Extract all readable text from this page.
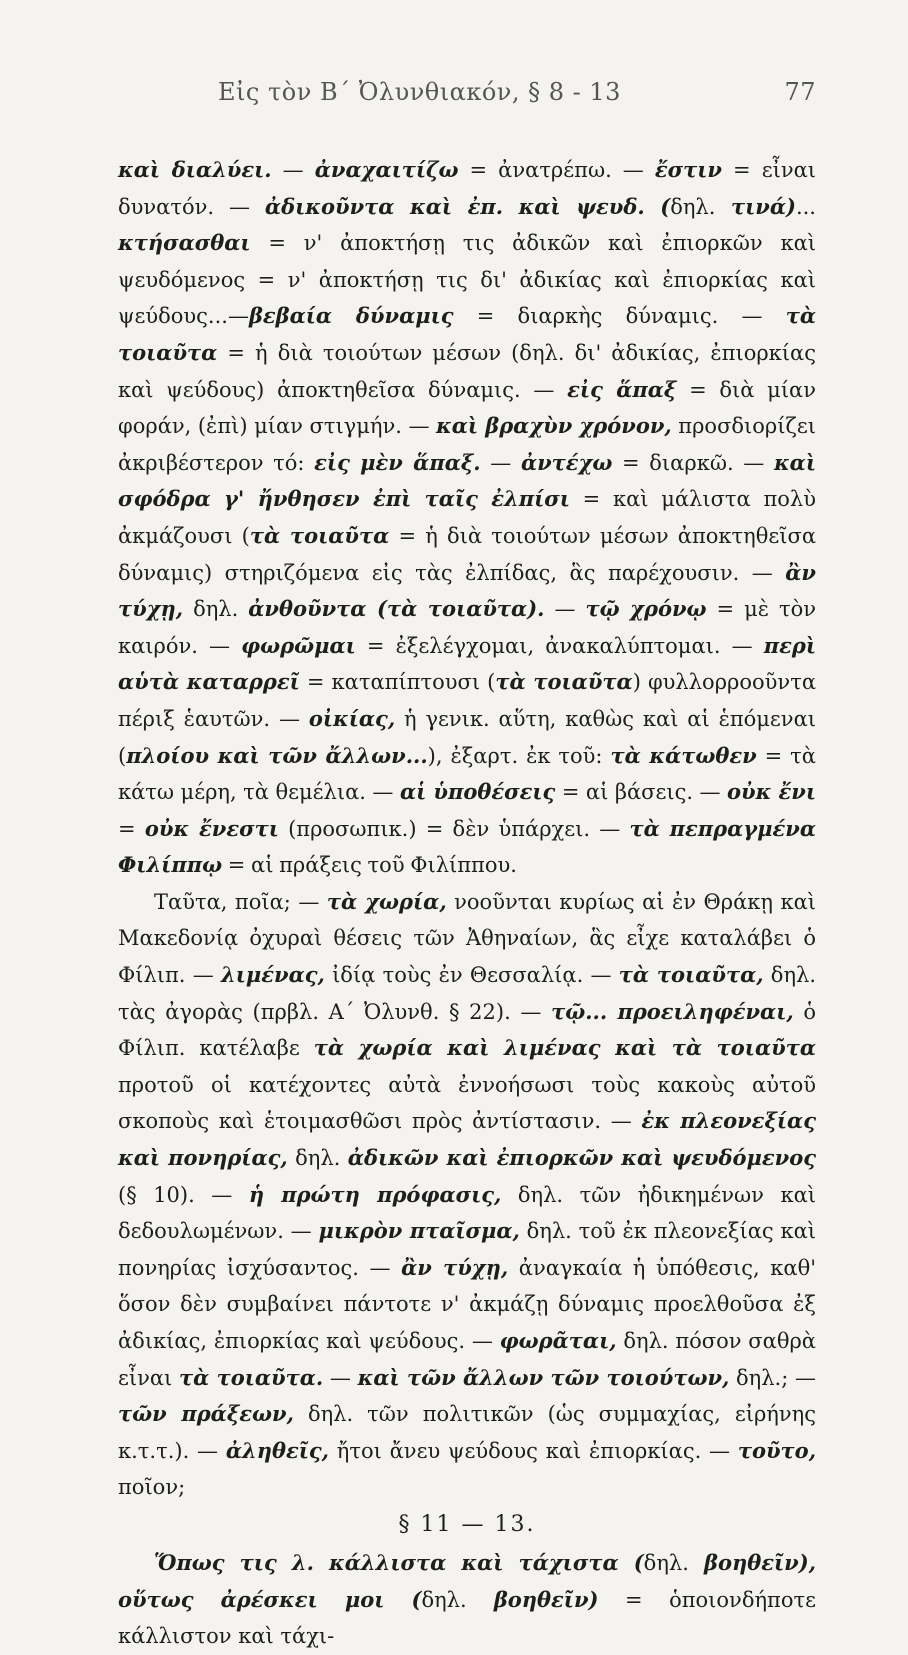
Εἰς τὸν Β΄ Ὀλυνθιακόν, § 8 - 13	77

καὶ διαλύει. — ἀναχαιτίζω = ἀνατρέπω. — ἔστιν = εἶναι δυνατόν. — ἀδικοῦντα καὶ ἐπ. καὶ ψευδ. (δηλ. τινά)... κτήσασθαι = ν' ἀποκτήσῃ τις ἀδικῶν καὶ ἐπιορκῶν καὶ ψευδόμενος = ν' ἀποκτήσῃ τις δι' ἀδικίας καὶ ἐπιορκίας καὶ ψεύδους...—βεβαία δύναμις = διαρκὴς δύναμις. — τὰ τοιαῦτα = ἡ διὰ τοιούτων μέσων (δηλ. δι' ἀδικίας, ἐπιορκίας καὶ ψεύδους) ἀποκτηθεῖσα δύναμις. — εἰς ἅπαξ = διὰ μίαν φοράν, (ἐπὶ) μίαν στιγμήν. — καὶ βραχὺν χρόνον, προσδιορίζει ἀκριβέστερον τό: εἰς μὲν ἅπαξ. — ἀντέχω = διαρκῶ. — καὶ σφόδρα γ' ἤνθησεν ἐπὶ ταῖς ἐλπίσι = καὶ μάλιστα πολὺ ἀκμάζουσι (τὰ τοιαῦτα = ἡ διὰ τοιούτων μέσων ἀποκτηθεῖσα δύναμις) στηριζόμενα εἰς τὰς ἐλπίδας, ἃς παρέχουσιν. — ἂν τύχῃ, δηλ. ἀνθοῦντα (τὰ τοιαῦτα). — τῷ χρόνῳ = μὲ τὸν καιρόν. — φωρῶμαι = ἐξελέγχομαι, ἀνακαλύπτομαι. — περὶ αὑτὰ καταρρεῖ = καταπίπτουσι (τὰ τοιαῦτα) φυλλορροοῦντα πέριξ ἑαυτῶν. — οἰκίας, ἡ γενικ. αὕτη, καθὼς καὶ αἱ ἑπόμεναι (πλοίου καὶ τῶν ἄλλων...), ἐξαρτ. ἐκ τοῦ: τὰ κάτωθεν = τὰ κάτω μέρη, τὰ θεμέλια. — αἱ ὑποθέσεις = αἱ βάσεις. — οὐκ ἔνι = οὐκ ἔνεστι (προσωπικ.) = δὲν ὑπάρχει. — τὰ πεπραγμένα Φιλίππῳ = αἱ πράξεις τοῦ Φιλίππου.

Ταῦτα, ποῖα; — τὰ χωρία, νοοῦνται κυρίως αἱ ἐν Θράκῃ καὶ Μακεδονίᾳ ὀχυραὶ θέσεις τῶν Ἀθηναίων, ἃς εἶχε καταλάβει ὁ Φίλιπ. — λιμένας, ἰδίᾳ τοὺς ἐν Θεσσαλίᾳ. — τὰ τοιαῦτα, δηλ. τὰς ἀγορὰς (πρβλ. Α΄ Ὀλυνθ. § 22). — τῷ... προειληφέναι, ὁ Φίλιπ. κατέλαβε τὰ χωρία καὶ λιμένας καὶ τὰ τοιαῦτα προτοῦ οἱ κατέχοντες αὐτὰ ἐννοήσωσι τοὺς κακοὺς αὐτοῦ σκοποὺς καὶ ἑτοιμασθῶσι πρὸς ἀντίστασιν. — ἐκ πλεονεξίας καὶ πονηρίας, δηλ. ἀδικῶν καὶ ἐπιορκῶν καὶ ψευδόμενος (§ 10). — ἡ πρώτη πρόφασις, δηλ. τῶν ἠδικημένων καὶ δεδουλωμένων. — μικρὸν πταῖσμα, δηλ. τοῦ ἐκ πλεονεξίας καὶ πονηρίας ἰσχύσαντος. — ἂν τύχῃ, ἀναγκαία ἡ ὑπόθεσις, καθ' ὅσον δὲν συμβαίνει πάντοτε ν' ἀκμάζῃ δύναμις προελθοῦσα ἐξ ἀδικίας, ἐπιορκίας καὶ ψεύδους. — φωρᾶται, δηλ. πόσον σαθρὰ εἶναι τὰ τοιαῦτα. — καὶ τῶν ἄλλων τῶν τοιούτων, δηλ.; — τῶν πράξεων, δηλ. τῶν πολιτικῶν (ὡς συμμαχίας, εἰρήνης κ.τ.τ.). — ἀληθεῖς, ἤτοι ἄνευ ψεύδους καὶ ἐπιορκίας. — τοῦτο, ποῖον;

§ 11 — 13.

Ὅπως τις λ. κάλλιστα καὶ τάχιστα (δηλ. βοηθεῖν), οὕτως ἀρέσκει μοι (δηλ. βοηθεῖν) = ὁποιονδήποτε κάλλιστον καὶ τάχι-
